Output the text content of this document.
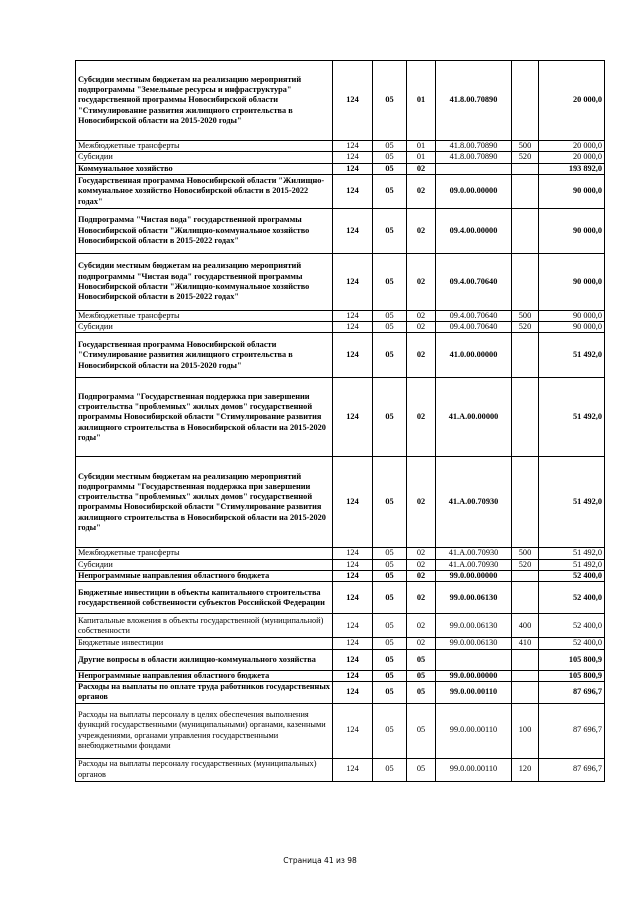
Субсидии местным бюджетам на реализацию мероприятий подпрограммы "Земельные ресурсы и инфраструктура" государственной программы Новосибирской области "Стимулирование развития жилищного строительства в Новосибирской области на 2015-2020 годы"	124	05	01	41.8.00.70890		20 000,0
Межбюджетные трансферты	124	05	01	41.8.00.70890	500	20 000,0
Субсидии	124	05	01	41.8.00.70890	520	20 000,0
Коммунальное хозяйство	124	05	02			193 892,0
Государственная программа Новосибирской области "Жилищно-коммунальное хозяйство Новосибирской области в 2015-2022 годах"	124	05	02	09.0.00.00000		90 000,0
Подпрограмма "Чистая вода" государственной программы Новосибирской области "Жилищно-коммунальное хозяйство Новосибирской области в 2015-2022 годах"	124	05	02	09.4.00.00000		90 000,0
Субсидии местным бюджетам на реализацию мероприятий подпрограммы "Чистая вода" государственной программы Новосибирской области "Жилищно-коммунальное хозяйство Новосибирской области в 2015-2022 годах"	124	05	02	09.4.00.70640		90 000,0
Межбюджетные трансферты	124	05	02	09.4.00.70640	500	90 000,0
Субсидии	124	05	02	09.4.00.70640	520	90 000,0
Государственная программа Новосибирской области "Стимулирование развития жилищного строительства в Новосибирской области на 2015-2020 годы"	124	05	02	41.0.00.00000		51 492,0
Подпрограмма "Государственная поддержка при завершении строительства "проблемных" жилых домов" государственной программы Новосибирской области "Стимулирование развития жилищного строительства в Новосибирской области на 2015-2020 годы"	124	05	02	41.А.00.00000		51 492,0
Субсидии местным бюджетам на реализацию мероприятий подпрограммы "Государственная поддержка при завершении строительства "проблемных" жилых домов" государственной программы Новосибирской области "Стимулирование развития жилищного строительства в Новосибирской области на 2015-2020 годы"	124	05	02	41.А.00.70930		51 492,0
Межбюджетные трансферты	124	05	02	41.А.00.70930	500	51 492,0
Субсидии	124	05	02	41.А.00.70930	520	51 492,0
Непрограммные направления областного бюджета	124	05	02	99.0.00.00000		52 400,0
Бюджетные инвестиции в объекты капитального строительства государственной собственности субъектов Российской Федерации	124	05	02	99.0.00.06130		52 400,0
Капитальные вложения в объекты государственной (муниципальной) собственности	124	05	02	99.0.00.06130	400	52 400,0
Бюджетные инвестиции	124	05	02	99.0.00.06130	410	52 400,0
Другие вопросы в области жилищно-коммунального хозяйства	124	05	05			105 800,9
Непрограммные направления областного бюджета	124	05	05	99.0.00.00000		105 800,9
Расходы на выплаты по оплате труда работников государственных органов	124	05	05	99.0.00.00110		87 696,7
Расходы на выплаты персоналу в целях обеспечения выполнения функций государственными (муниципальными) органами, казенными учреждениями, органами управления государственными внебюджетными фондами	124	05	05	99.0.00.00110	100	87 696,7
Расходы на выплаты персоналу государственных (муниципальных) органов	124	05	05	99.0.00.00110	120	87 696,7
Страница 41 из 98
